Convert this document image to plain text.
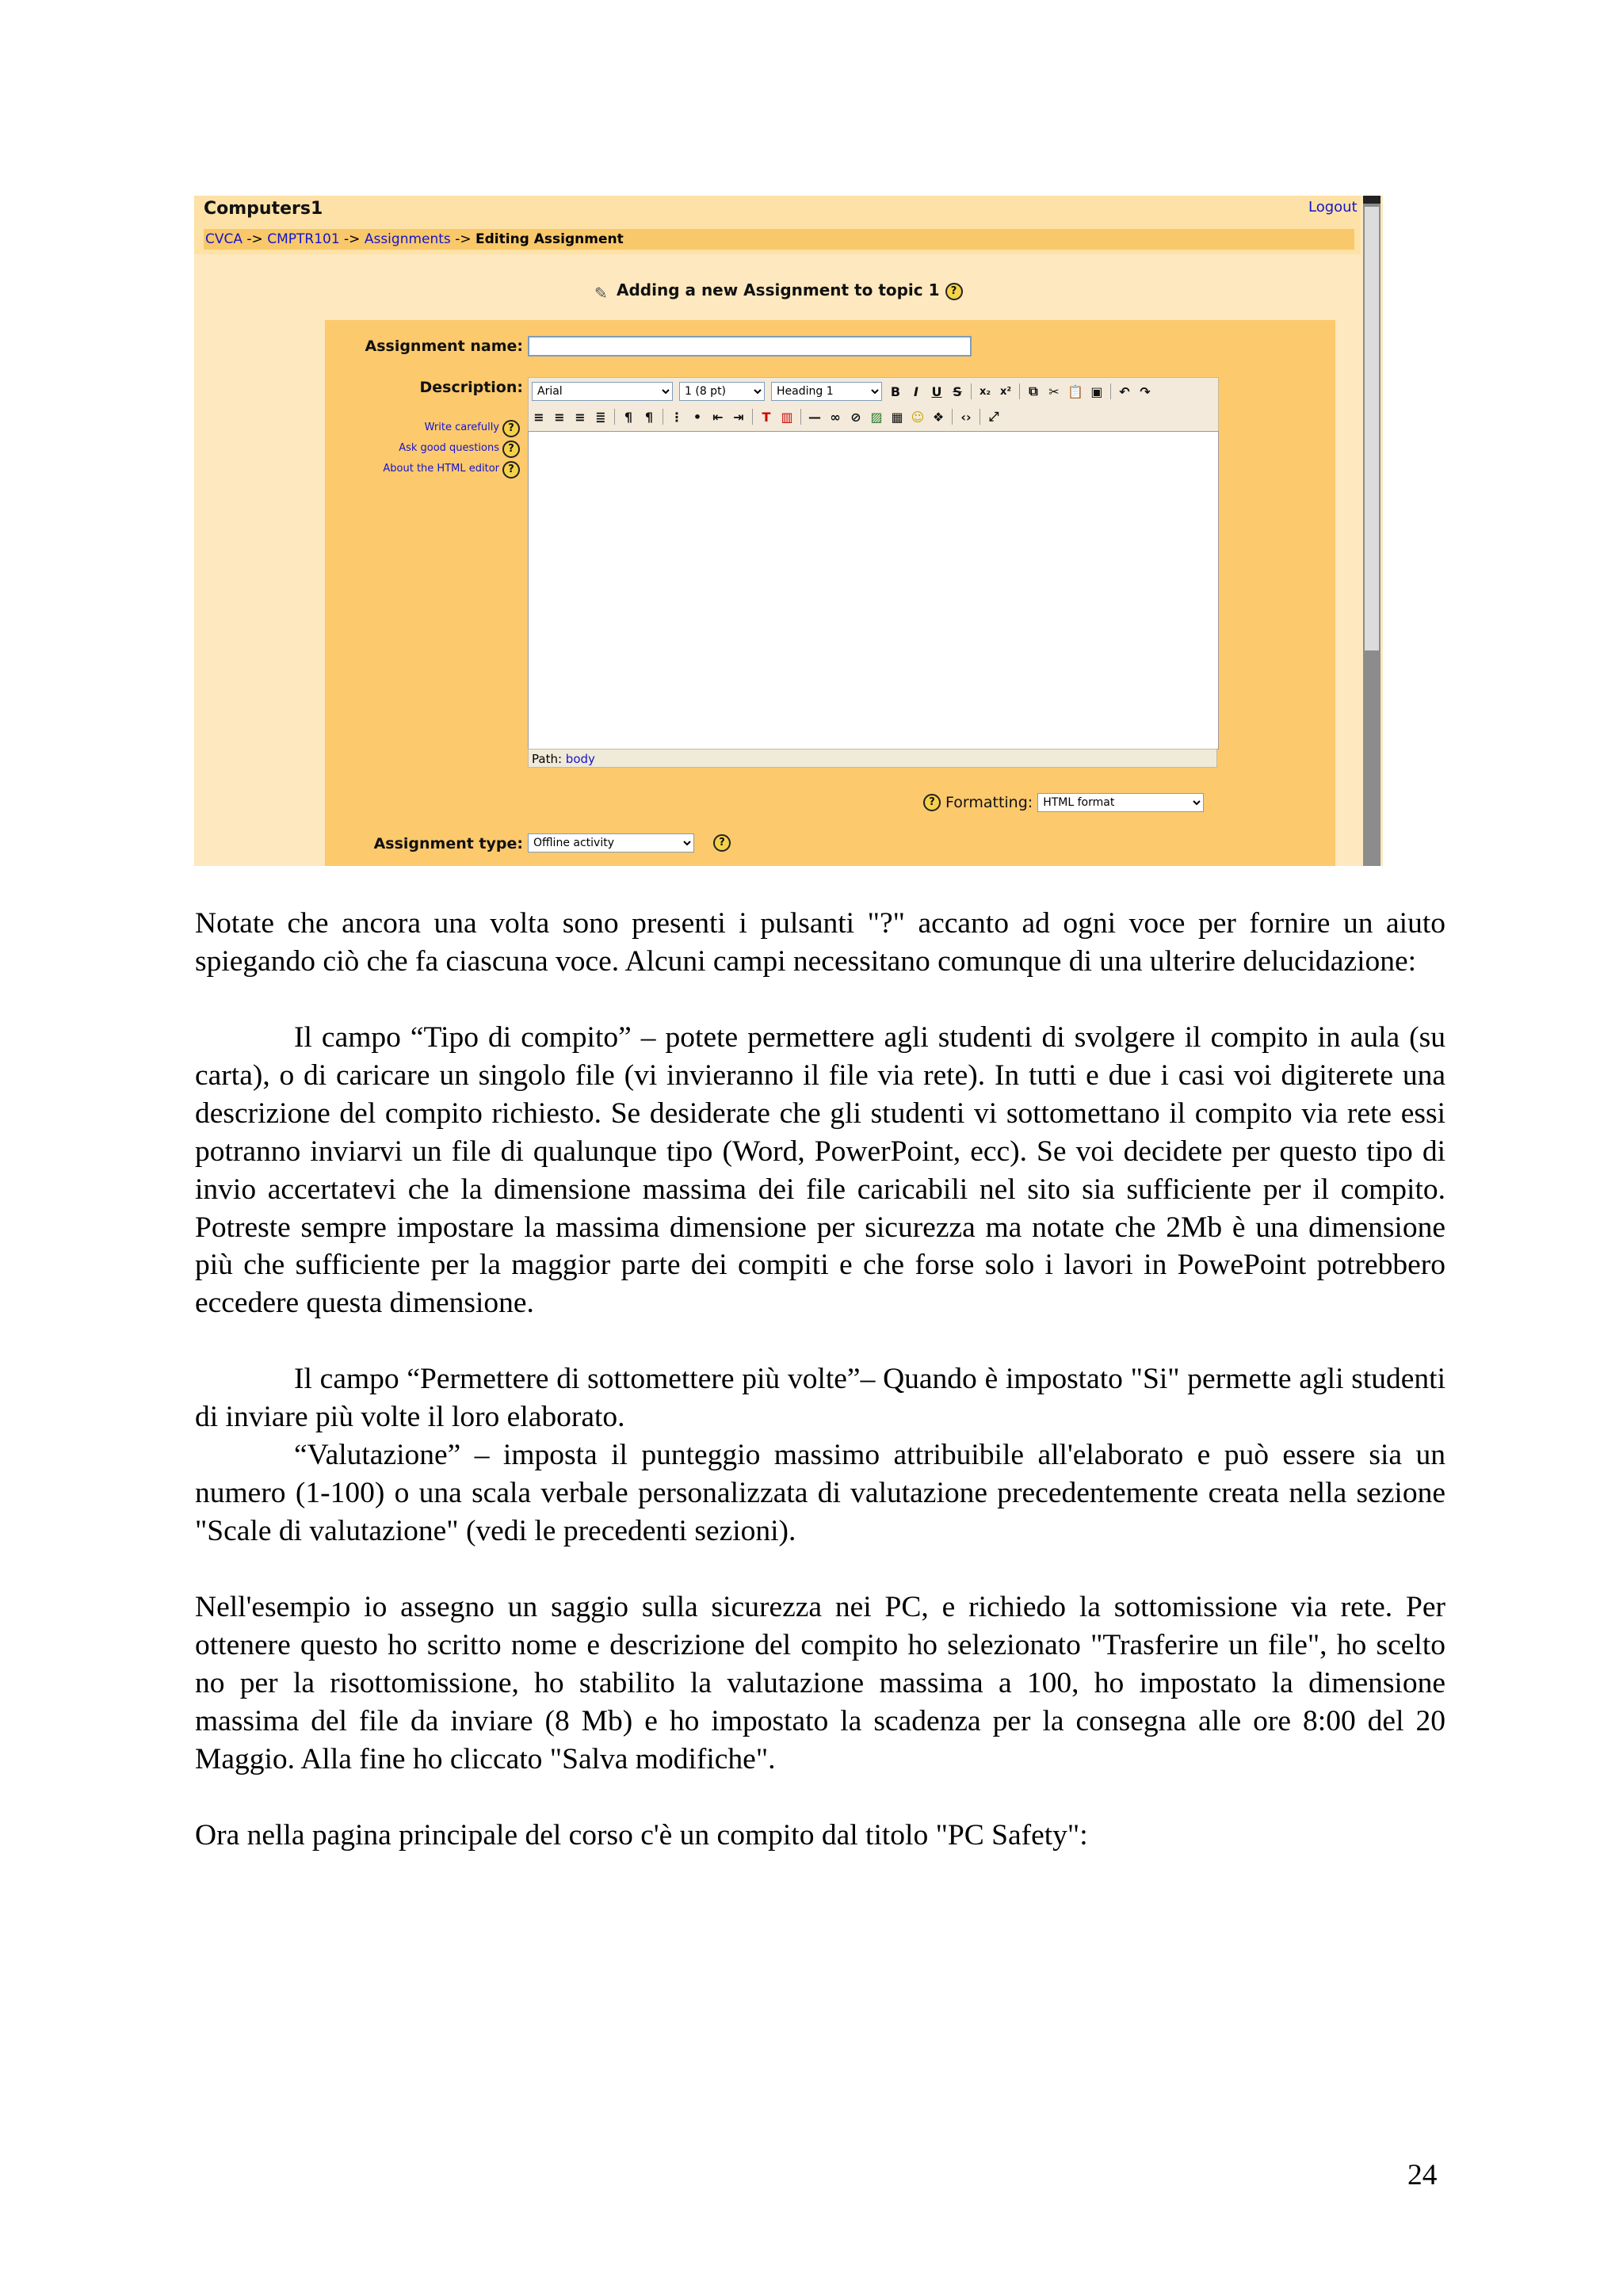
Computers1	Logout
CVCA -> CMPTR101 -> Assignments -> Editing Assignment
✎ Adding a new Assignment to topic 1 ?
Assignment name:
Description:
Write carefully ?
Ask good questions ?
About the HTML editor ?
Arial
1 (8 pt)
Heading 1
B	I	U S x₂ x² ⧉ ✂ 📋 ▣ ↶ ↷
≡ ≡ ≡ ≣ ¶ ¶ ⋮ • ⇤ ⇥ T ▥ — ∞ ⊘ ▨ ▦ ☺ ❖ ‹› ⤢
Path: body
? Formatting:
HTML format
Assignment type:
Offline activity	?

Notate che ancora una volta sono presenti i pulsanti "?" accanto ad ogni voce per fornire un aiuto spiegando ciò che fa ciascuna voce. Alcuni campi necessitano comunque di una ulterire delucidazione:

Il campo “Tipo di compito” – potete permettere agli studenti di svolgere il compito in aula (su carta), o di caricare un singolo file (vi invieranno il file via rete). In tutti e due i casi voi digiterete una descrizione del compito richiesto. Se desiderate che gli studenti vi sottomettano il compito via rete essi potranno inviarvi un file di qualunque tipo (Word, PowerPoint, ecc). Se voi decidete per questo tipo di invio accertatevi che la dimensione massima dei file caricabili nel sito sia sufficiente per il compito. Potreste sempre impostare la massima dimensione per sicurezza ma notate che 2Mb è una dimensione più che sufficiente per la maggior parte dei compiti e che forse solo i lavori in PowePoint potrebbero eccedere questa dimensione.

Il campo “Permettere di sottomettere più volte”– Quando è impostato "Si" permette agli studenti di inviare più volte il loro elaborato.

“Valutazione” – imposta il punteggio massimo attribuibile all'elaborato e può essere sia un numero (1-100) o una scala verbale personalizzata di valutazione precedentemente creata nella sezione "Scale di valutazione" (vedi le precedenti sezioni).

Nell'esempio io assegno un saggio sulla sicurezza nei PC, e richiedo la sottomissione via rete. Per ottenere questo ho scritto nome e descrizione del compito ho selezionato "Trasferire un file", ho scelto no per la risottomissione, ho stabilito la valutazione massima a 100, ho impostato la dimensione massima del file da inviare (8 Mb) e ho impostato la scadenza per la consegna alle ore 8:00 del 20 Maggio. Alla fine ho cliccato "Salva modifiche".

Ora nella pagina principale del corso c'è un compito dal titolo "PC Safety":

24
